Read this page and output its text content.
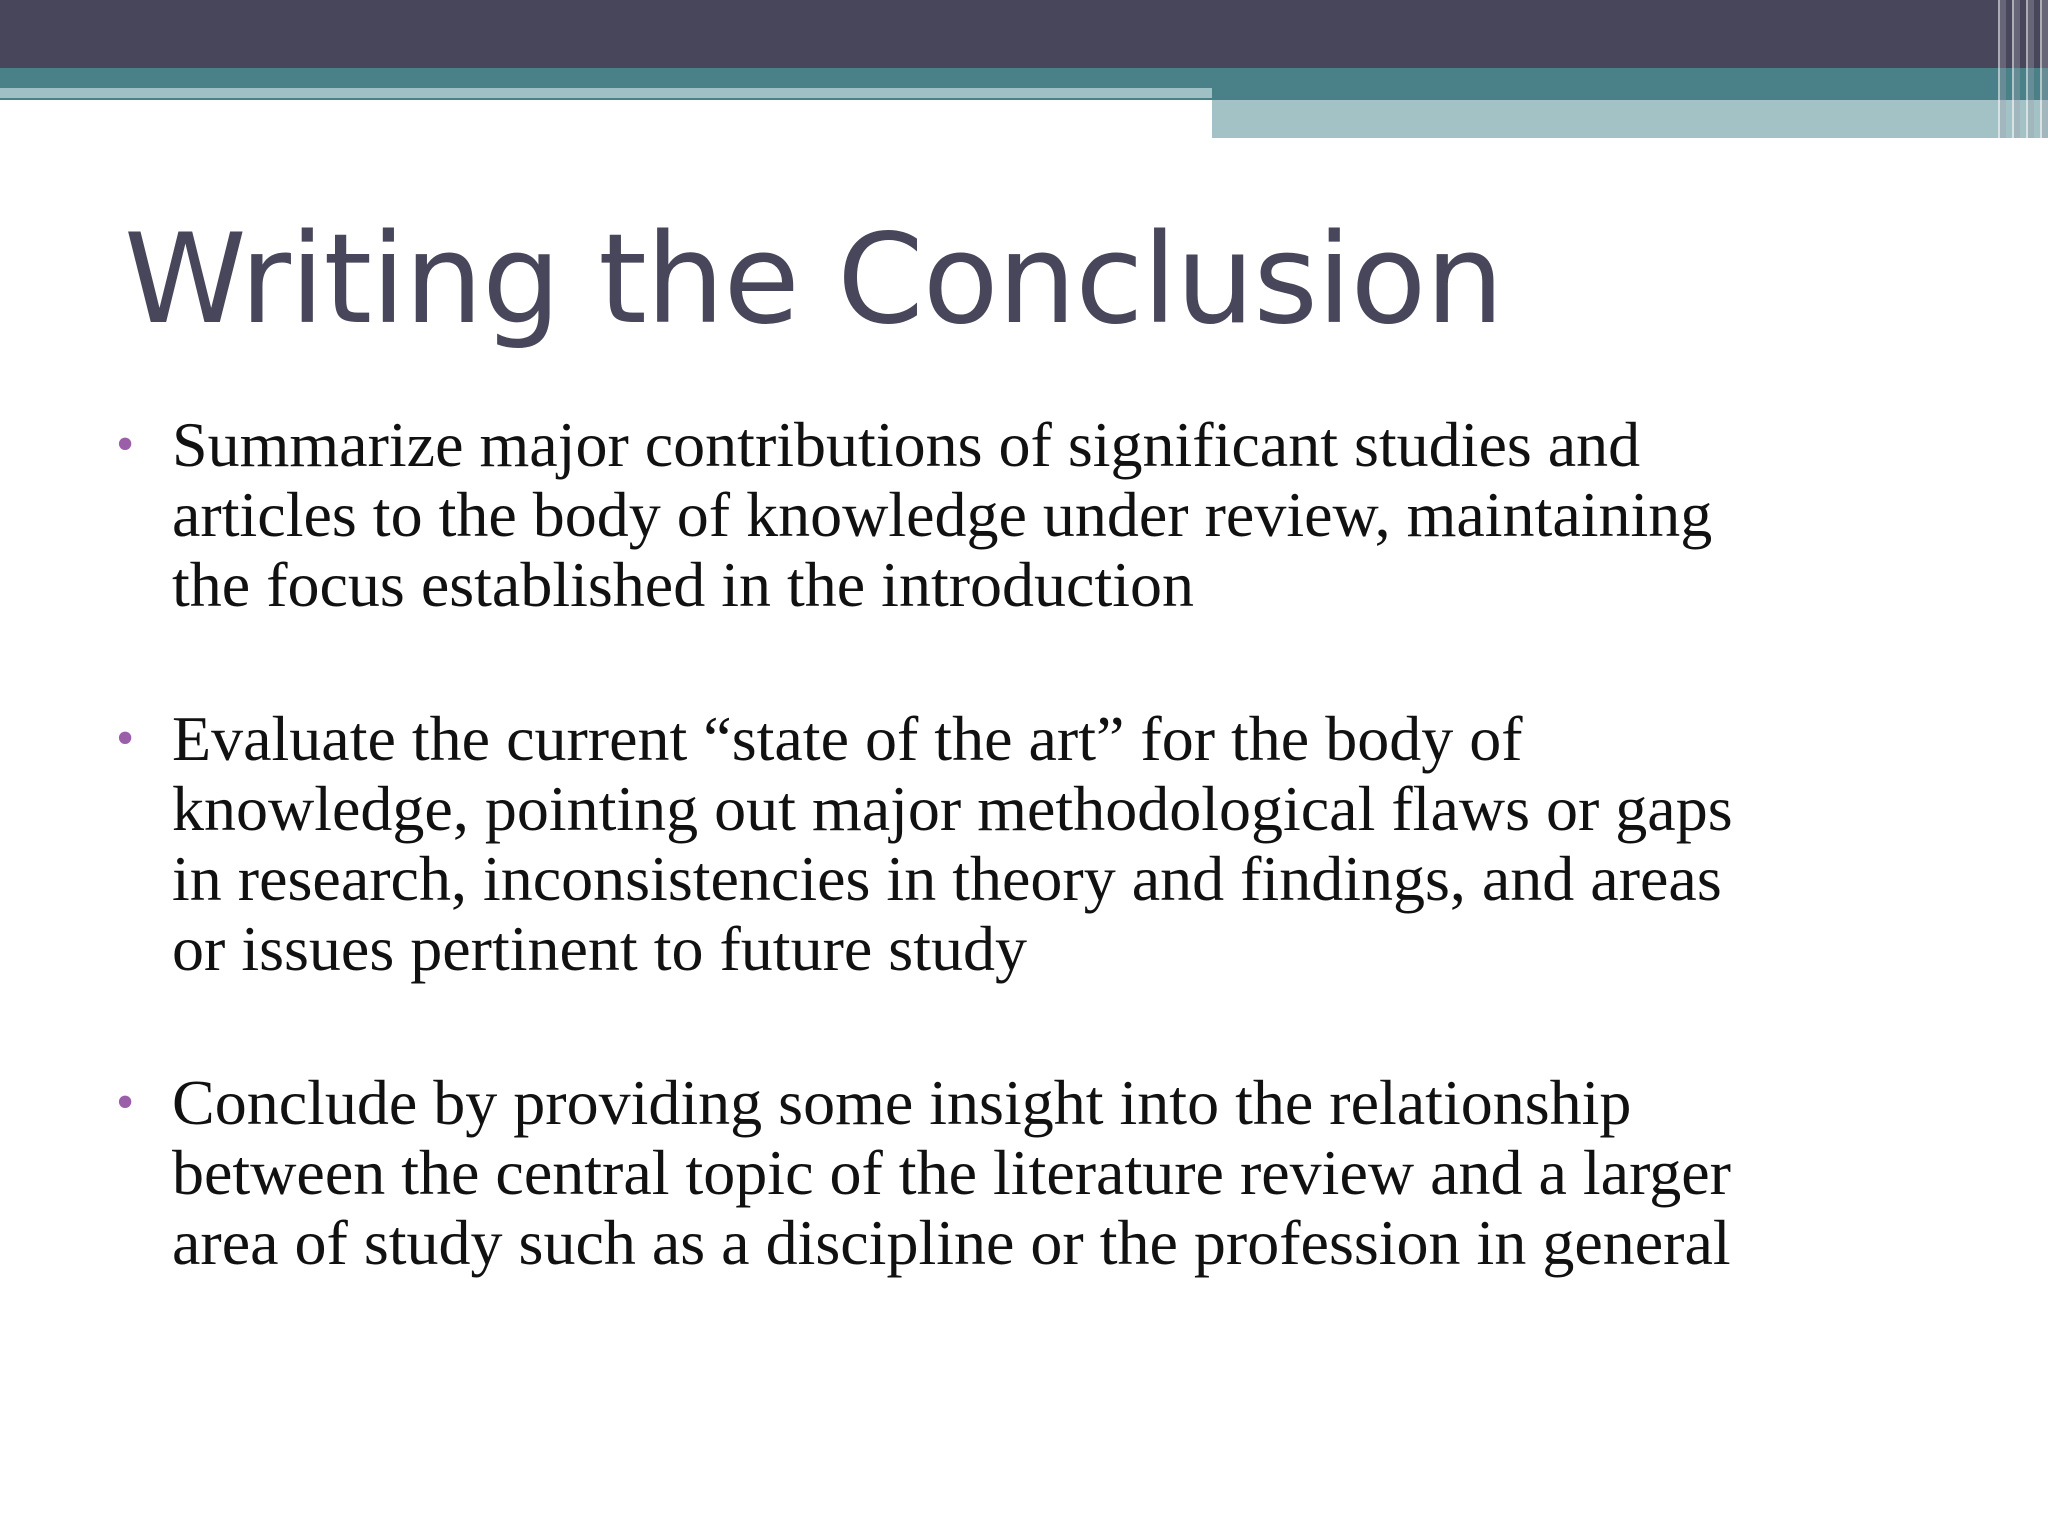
Writing the Conclusion
• Summarize major contributions of significant studies and
articles to the body of knowledge under review, maintaining
the focus established in the introduction
• Evaluate the current “state of the art” for the body of
knowledge, pointing out major methodological flaws or gaps
in research, inconsistencies in theory and findings, and areas
or issues pertinent to future study
• Conclude by providing some insight into the relationship
between the central topic of the literature review and a larger
area of study such as a discipline or the profession in general
